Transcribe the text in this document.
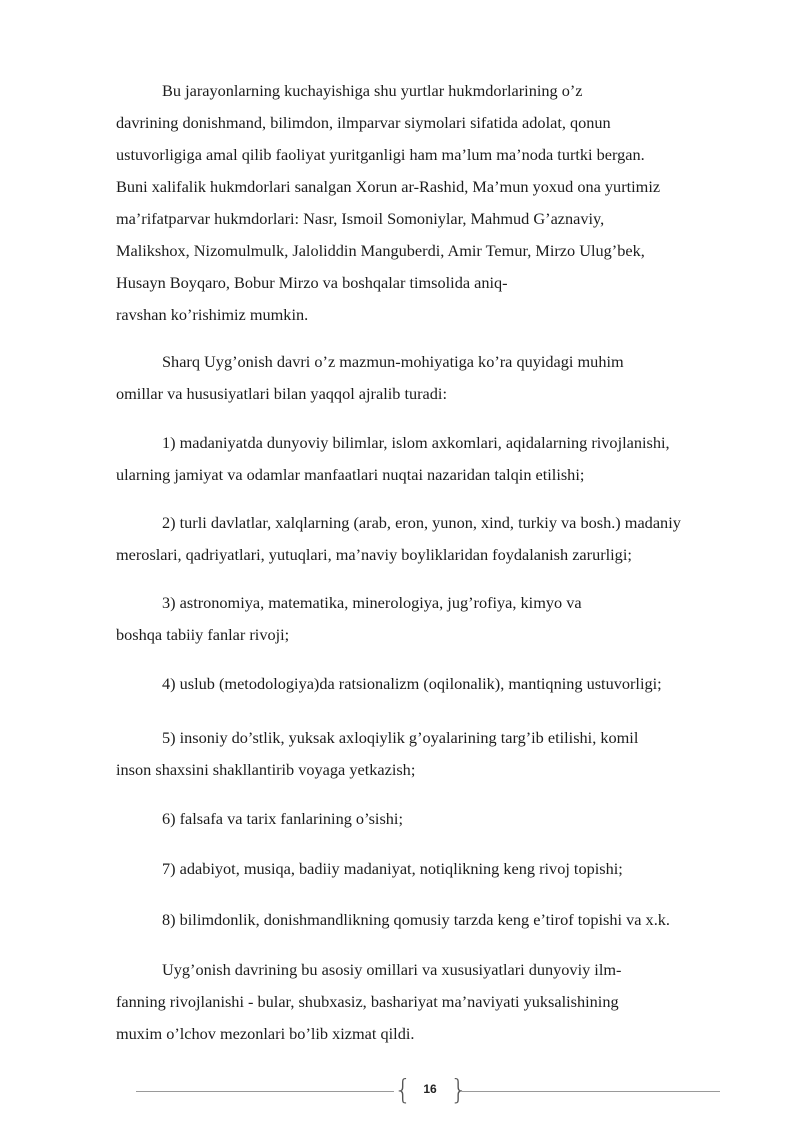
Bu jarayonlarning kuchayishiga shu yurtlar hukmdorlarining o’z
davrining donishmand, bilimdon, ilmparvar siymolari sifatida adolat, qonun
ustuvorligiga amal qilib faoliyat yuritganligi ham ma’lum ma’noda turtki bergan.
Buni xalifalik hukmdorlari sanalgan Xorun ar-Rashid, Ma’mun yoxud ona yurtimiz
ma’rifatparvar hukmdorlari: Nasr, Ismoil Somoniylar, Mahmud G’aznaviy,
Malikshox, Nizomulmulk, Jaloliddin Manguberdi, Amir Temur, Mirzo Ulug’bek,
Husayn Boyqaro, Bobur Mirzo va boshqalar timsolida aniq-
ravshan ko’rishimiz mumkin.

Sharq Uyg’onish davri o’z mazmun-mohiyatiga ko’ra quyidagi muhim
omillar va hususiyatlari bilan yaqqol ajralib turadi:

1) madaniyatda dunyoviy bilimlar, islom axkomlari, aqidalarning rivojlanishi,
ularning jamiyat va odamlar manfaatlari nuqtai nazaridan talqin etilishi;

2) turli davlatlar, xalqlarning (arab, eron, yunon, xind, turkiy va bosh.) madaniy
meroslari, qadriyatlari, yutuqlari, ma’naviy boyliklaridan foydalanish zarurligi;

3) astronomiya, matematika, minerologiya, jug’rofiya, kimyo va
boshqa tabiiy fanlar rivoji;

4) uslub (metodologiya)da ratsionalizm (oqilonalik), mantiqning ustuvorligi;

5) insoniy do’stlik, yuksak axloqiylik g’oyalarining targ’ib etilishi, komil
inson shaxsini shakllantirib voyaga yetkazish;

6) falsafa va tarix fanlarining o’sishi;

7) adabiyot, musiqa, badiiy madaniyat, notiqlikning keng rivoj topishi;

8) bilimdonlik, donishmandlikning qomusiy tarzda keng e’tirof topishi va x.k.

Uyg’onish davrining bu asosiy omillari va xususiyatlari dunyoviy ilm-
fanning rivojlanishi - bular, shubxasiz, bashariyat ma’naviyati yuksalishining
muxim o’lchov mezonlari bo’lib xizmat qildi.

{ 16 }
